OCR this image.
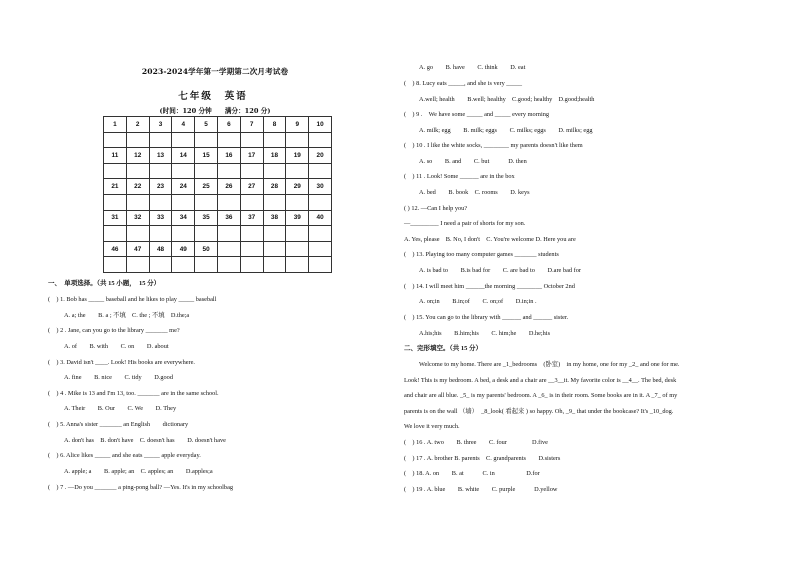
2023-2024学年第一学期第二次月考试卷
七年级　英语
(时间：120 分钟　　满分：120 分)
1	2	3	4	5	6	7	8	9	10

11	12	13	14	15	16	17	18	19	20

21	22	23	24	25	26	27	28	29	30

31	32	33	34	35	36	37	38	39	40

46	47	48	49	50					

一、　单项选择。（共 15 小题，　15 分）
(　) 1. Bob has _____ baseball and he likes to play _____ baseball
A. a; the　　B. a ; 不填　C. the ; 不填　D.the;a
(　) 2 . Jane, can you go to the library _______ me?
A. of　　B. with　　C. on　　D. about
(　) 3. David isn't ____. Look! His books are everywhere.
A. fine　　B. nice　　C. tidy　　D.good
(　) 4 . Mike is 13 and I'm 13, too. _______ are in the same school.
A. Their　　B. Our　　C. We　　D. They
(　) 5. Anna's sister _______ an English　　dictionary
A. don't has　B. don't have　C. doesn't has　　D. doesn't have
(　) 6. Alice likes _____ and she eats _____ apple everyday.
A. apple; a　　B. apple; an　C. apples; an　　D.apples;a
(　) 7 . —Do you _______ a ping-pong ball? —Yes. It's in my schoolbag
A. go　　B. have　　C. think　　D. eat
(　) 8. Lucy eats _____, and she is very _____
A.well; health　　B.well; healthy　C.good; healthy　D.good;health
(　) 9 .　We have some _____ and _____ every morning
A. milk; egg　　B. milk; eggs　　C. milks; eggs　　D. milks; egg
(　) 10 . I like the white socks, ________ my parents doesn't like them
A. so　　B. and　　C. but　　　D. then
(　) 11 . Look! Some ______ are in the box
A. bed　　B. book　C. rooms　　D. keys
( ) 12. —Can I help you?
—_________ I need a pair of shorts for my son.
A. Yes, please　B. No, I don't　C. You're welcome D. Here you are
(　) 13. Playing too many computer games _______ students
A. is bad to　　B.is bad for　　C. are bad to　　D.are bad for
(　) 14. I will meet him ______the morning ________ October 2nd
A. on;in　　B.in;of　　C. on;of　　D.in;in .
(　) 15. You can go to the library with ______ and ______ sister.
A.his;his　　B.him;his　　C. him;he　　D.he;his
二、完形填空。（共 15 分）
Welcome to my home. There are _1_bedrooms　(卧室)　in my home, one for my _2_ and one for me.
Look! This is my bedroom. A bed, a desk and a chair are __3__it. My favorite color is __4__. The bed, desk
and chair are all blue. _5_ is my parents' bedroom. A _6_ is in their room. Some books are in it. A _7_ of my
parents is on the wall （墙）　_8_look( 看起来 ) so happy. Oh, _9_ that under the bookcase? It's _10_dog.
We love it very much.
(　) 16 . A. two　　B. three　　C. four　　　　D.five
(　) 17 . A. brother B. parents　C. grandparents　　D.sisters
(　) 18. A. on　　B. at　　　C. in　　　　　D.for
(　) 19 . A. blue　　B. white　　C. purple　　　D.yellow
